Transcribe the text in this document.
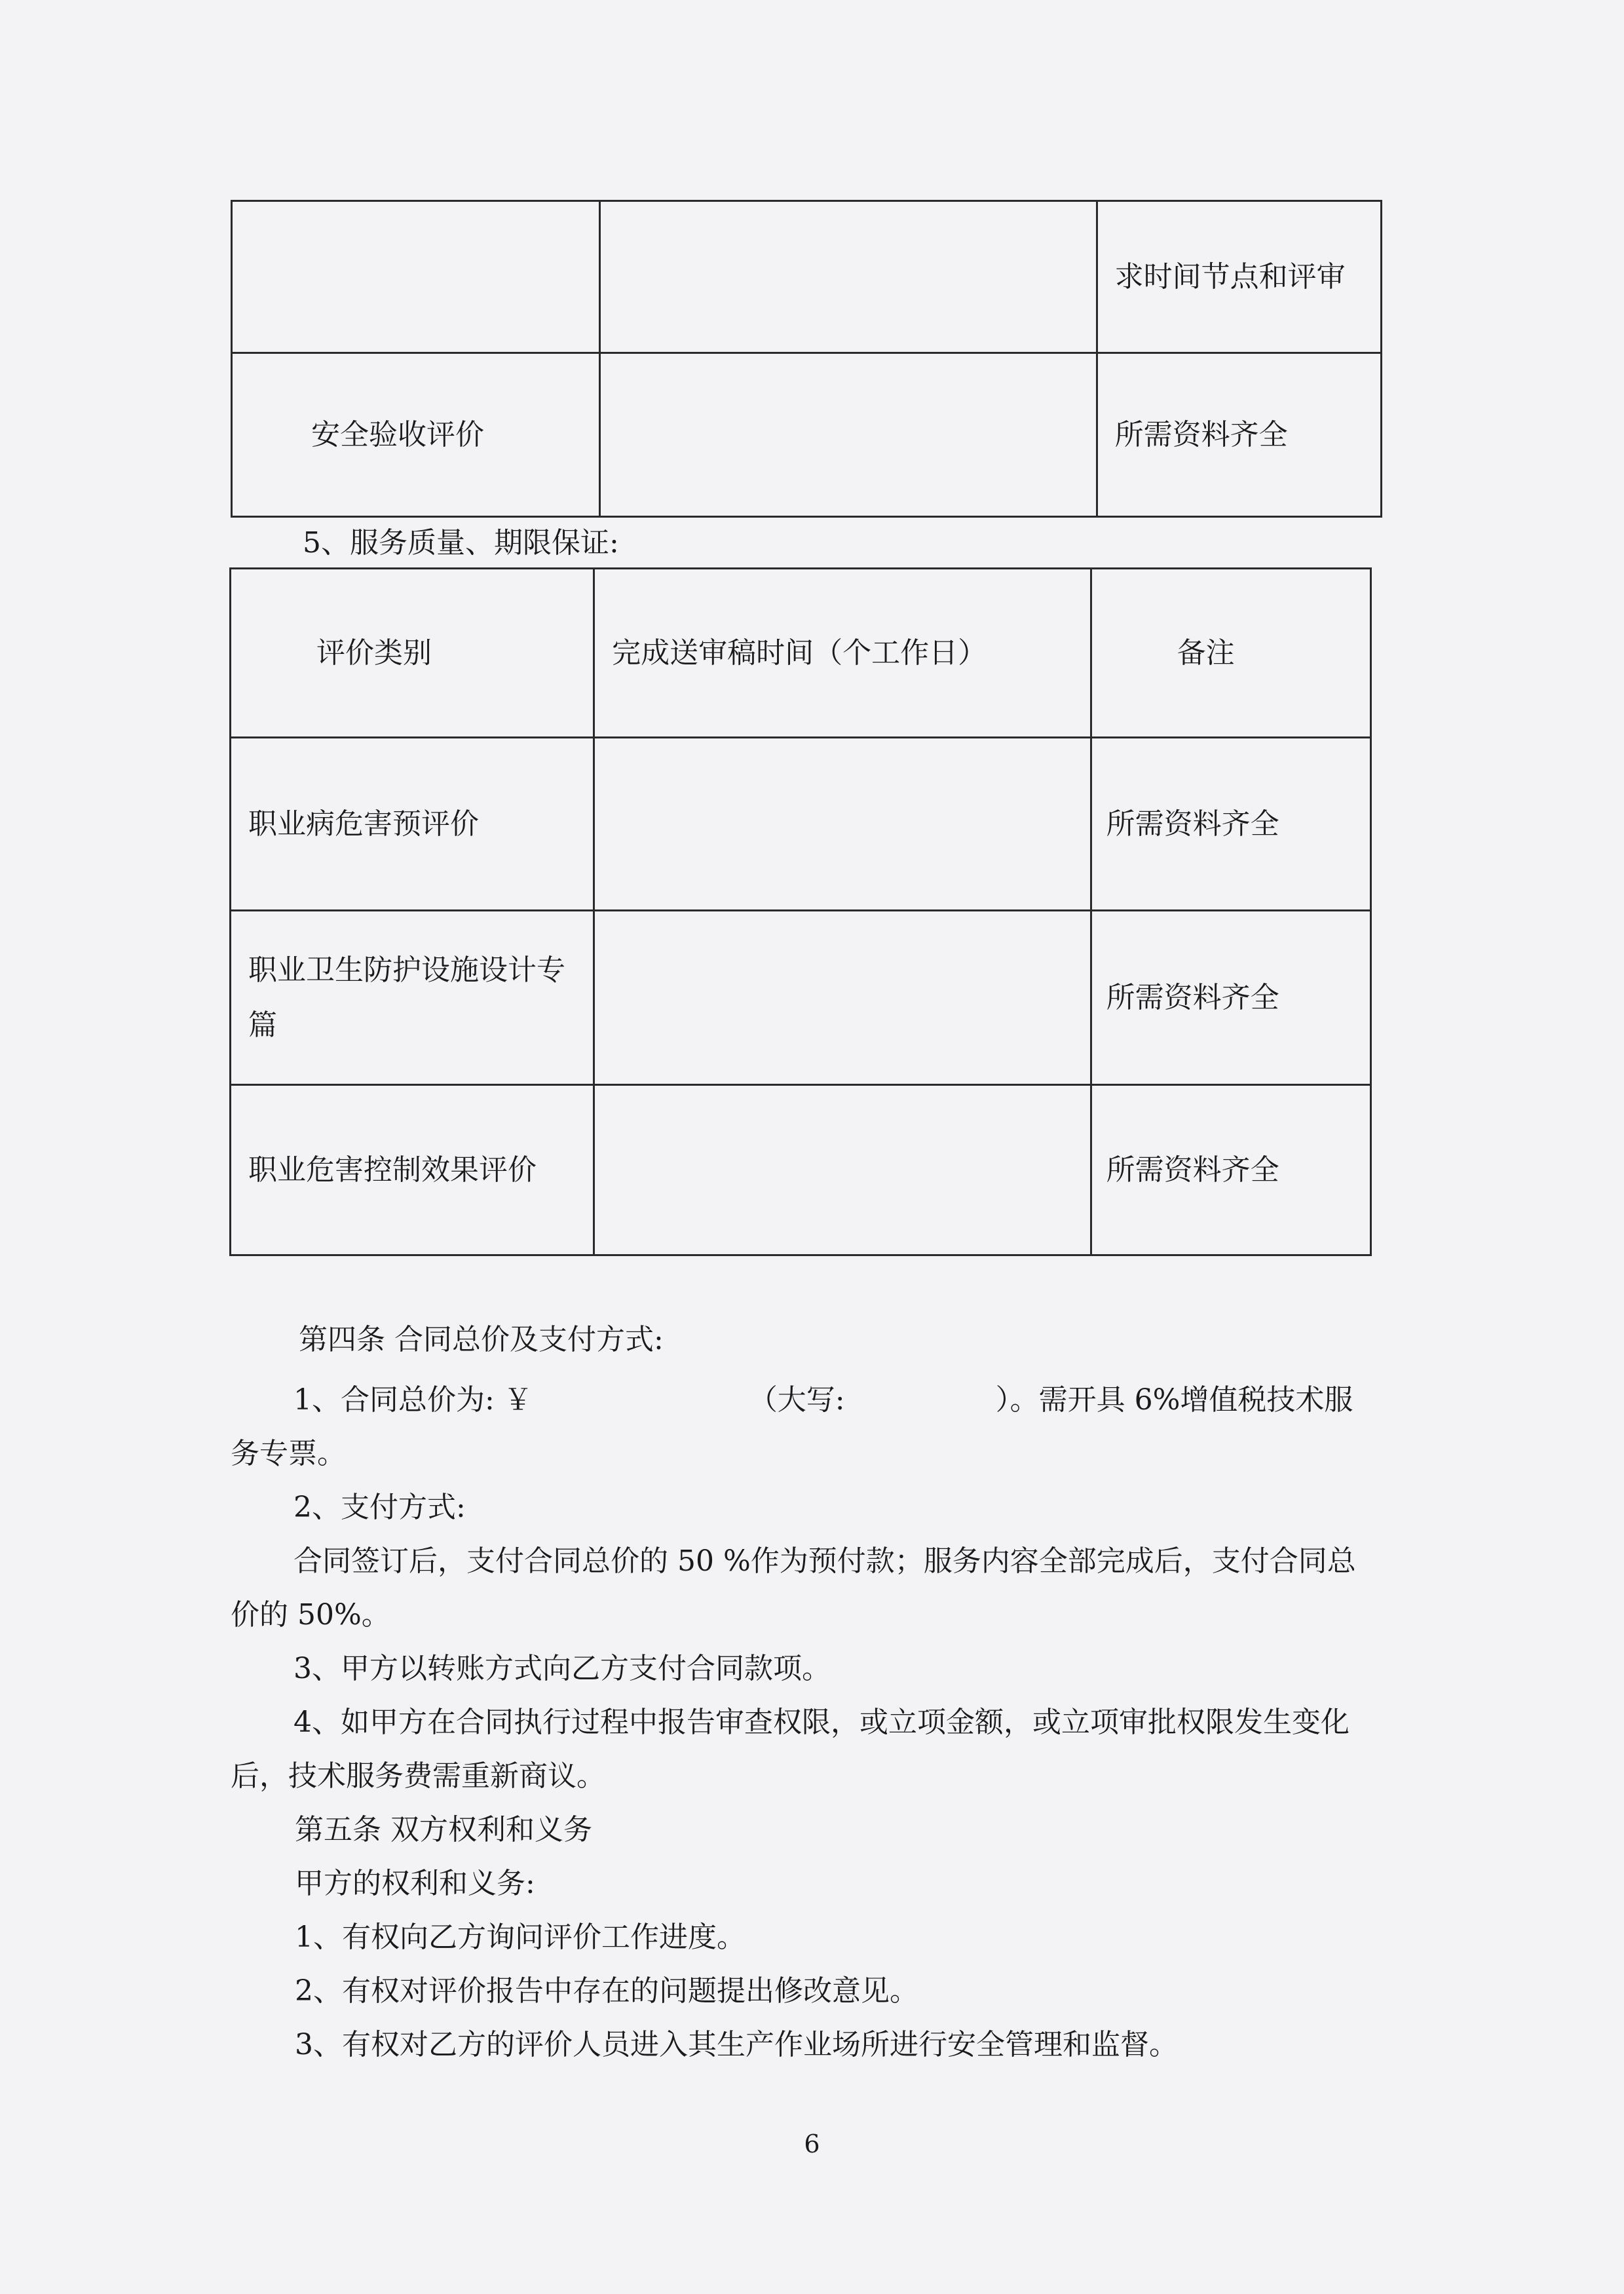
		求时间节点和评审
安全验收评价		所需资料齐全

5、服务质量、期限保证:

评价类别	完成送审稿时间（个工作日）	备注
职业病危害预评价		所需资料齐全
职业卫生防护设施设计专篇		所需资料齐全
职业危害控制效果评价		所需资料齐全

第四条 合同总价及支付方式:

1、合同总价为: ￥	（大写:	）。需开具 6%增值税技术服务专票。

2、支付方式:

合同签订后，支付合同总价的 50 %作为预付款；服务内容全部完成后，支付合同总价的 50%。

3、甲方以转账方式向乙方支付合同款项。

4、如甲方在合同执行过程中报告审查权限，或立项金额，或立项审批权限发生变化后，技术服务费需重新商议。

第五条 双方权利和义务

甲方的权利和义务:

1、有权向乙方询问评价工作进度。

2、有权对评价报告中存在的问题提出修改意见。

3、有权对乙方的评价人员进入其生产作业场所进行安全管理和监督。

6
